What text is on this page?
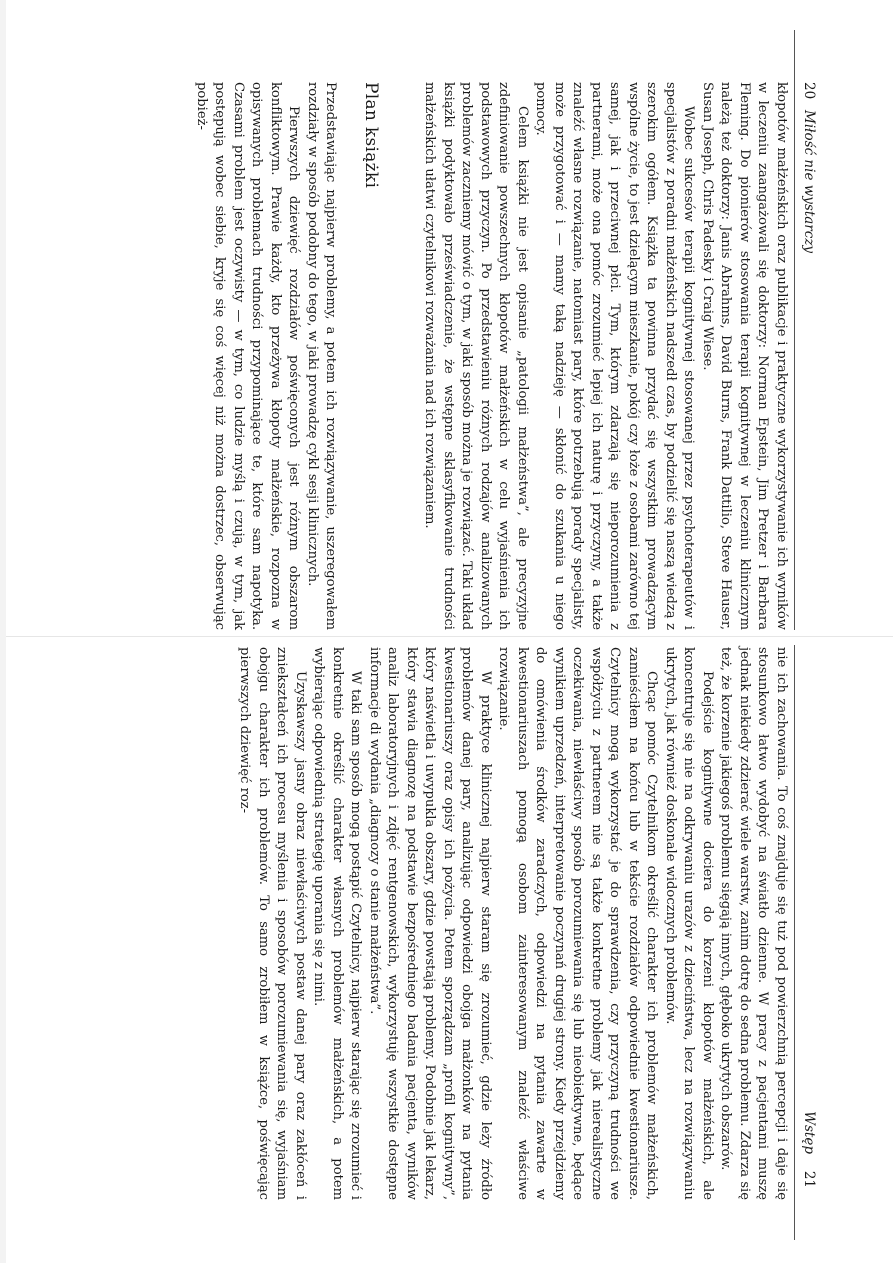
20
Miłość nie wystarczy

kłopotów małżeńskich oraz publikacje i praktyczne wykorzystywanie ich wyników w leczeniu zaangażowali się doktorzy: Norman Epstein, Jim Pretzer i Barbara Fleming. Do pionierów stosowania terapii kognitywnej w leczeniu klinicznym należą też doktorzy: Janis Abrahms, David Burns, Frank Dattilio, Steve Hauser, Susan Joseph, Chris Padesky i Craig Wiese.

Wobec sukcesów terapii kognitywnej stosowanej przez psychoterapeutów i specjalistów z poradni małżeńskich nadszedł czas, by podzielić się naszą wiedzą z szerokim ogółem. Książka ta powinna przydać się wszystkim prowadzącym wspólne życie, to jest dzielącym mieszkanie, pokój czy łoże z osobami zarówno tej samej, jak i przeciwnej płci. Tym, którym zdarzają się nieporozumienia z partnerami, może ona pomóc zrozumieć lepiej ich naturę i przyczyny, a także znaleźć własne rozwiązanie, natomiast pary, które potrzebują porady specjalisty, może przygotować i — mamy taką nadzieję — skłonić do szukania u niego pomocy.

Celem książki nie jest opisanie „patologii małżeństwa”, ale precyzyjne zdefiniowanie powszechnych kłopotów małżeńskich w celu wyjaśnienia ich podstawowych przyczyn. Po przedstawieniu różnych rodzajów analizowanych problemów zaczniemy mówić o tym, w jaki sposób można je rozwiązać. Taki układ książki podyktowało przeświadczenie, że wstępne sklasyfikowanie trudności małżeńskich ułatwi czytelnikowi rozważania nad ich rozwiązaniem.

Plan książki

Przedstawiając najpierw problemy, a potem ich rozwiązywanie, uszeregowałem rozdziały w sposób podobny do tego, w jaki prowadzę cykl sesji klinicznych.

Pierwszych dziewięć rozdziałów poświęconych jest różnym obszarom konfliktowym. Prawie każdy, kto przeżywa kłopoty małżeńskie, rozpozna w opisywanych problemach trudności przypominające te, które sam napotyka. Czasami problem jest oczywisty — w tym, co ludzie myślą i czują, w tym, jak postępują wobec siebie, kryje się coś więcej niż można dostrzec, obserwując pobież-

Wstęp
21

nie ich zachowania. To coś znajduje się tuż pod powierzchnią percepcji i daje się stosunkowo łatwo wydobyć na światło dzienne. W pracy z pacjentami muszę jednak niekiedy zdzierać wiele warstw, zanim dotrę do sedna problemu. Zdarza się też, że korzenie jakiegoś problemu sięgają innych, głęboko ukrytych obszarów.

Podejście kognitywne dociera do korzeni kłopotów małżeńskich, ale koncentruje się nie na odkrywaniu urazów z dzieciństwa, lecz na rozwiązywaniu ukrytych, jak również doskonale widocznych problemów.

Chcąc pomóc Czytelnikom określić charakter ich problemów małżeńskich, zamieściłem na końcu lub w tekście rozdziałów odpowiednie kwestionariusze. Czytelnicy mogą wykorzystać je do sprawdzenia, czy przyczyną trudności we współżyciu z partnerem nie są także konkretne problemy jak nierealistyczne oczekiwania, niewłaściwy sposób porozumiewania się lub nieobiektywne, będące wynikiem uprzedzeń, interpretowanie poczynań drugiej strony. Kiedy przejdziemy do omówienia środków zaradczych, odpowiedzi na pytania zawarte w kwestionariuszach pomogą osobom zainteresowanym znaleźć właściwe rozwiązanie.

W praktyce klinicznej najpierw staram się zrozumieć, gdzie leży źródło problemów danej pary, analizując odpowiedzi obojga małżonków na pytania kwestionariuszy oraz opisy ich pożycia. Potem sporządzam „profil kognitywny”, który naświetla i uwypukla obszary, gdzie powstają problemy. Podobnie jak lekarz, który stawia diagnozę na podstawie bezpośredniego badania pacjenta, wyników analiz laboratoryjnych i zdjęć rentgenowskich, wykorzystuję wszystkie dostępne informacje di wydania „diagnozy o stanie małżeństwa”.

W taki sam sposób mogą postąpić Czytelnicy, najpierw starając się zrozumieć i konkretnie określić charakter własnych problemów małżeńskich, a potem wybierając odpowiednią strategię uporania się z nimi.

Uzyskawszy jasny obraz niewłaściwych postaw danej pary oraz zakłóceń i zniekształceń ich procesu myślenia i sposobów porozumiewania się, wyjaśniam obojgu charakter ich problemów. To samo zrobiłem w książce, poświęcając pierwszych dziewięć roz-
